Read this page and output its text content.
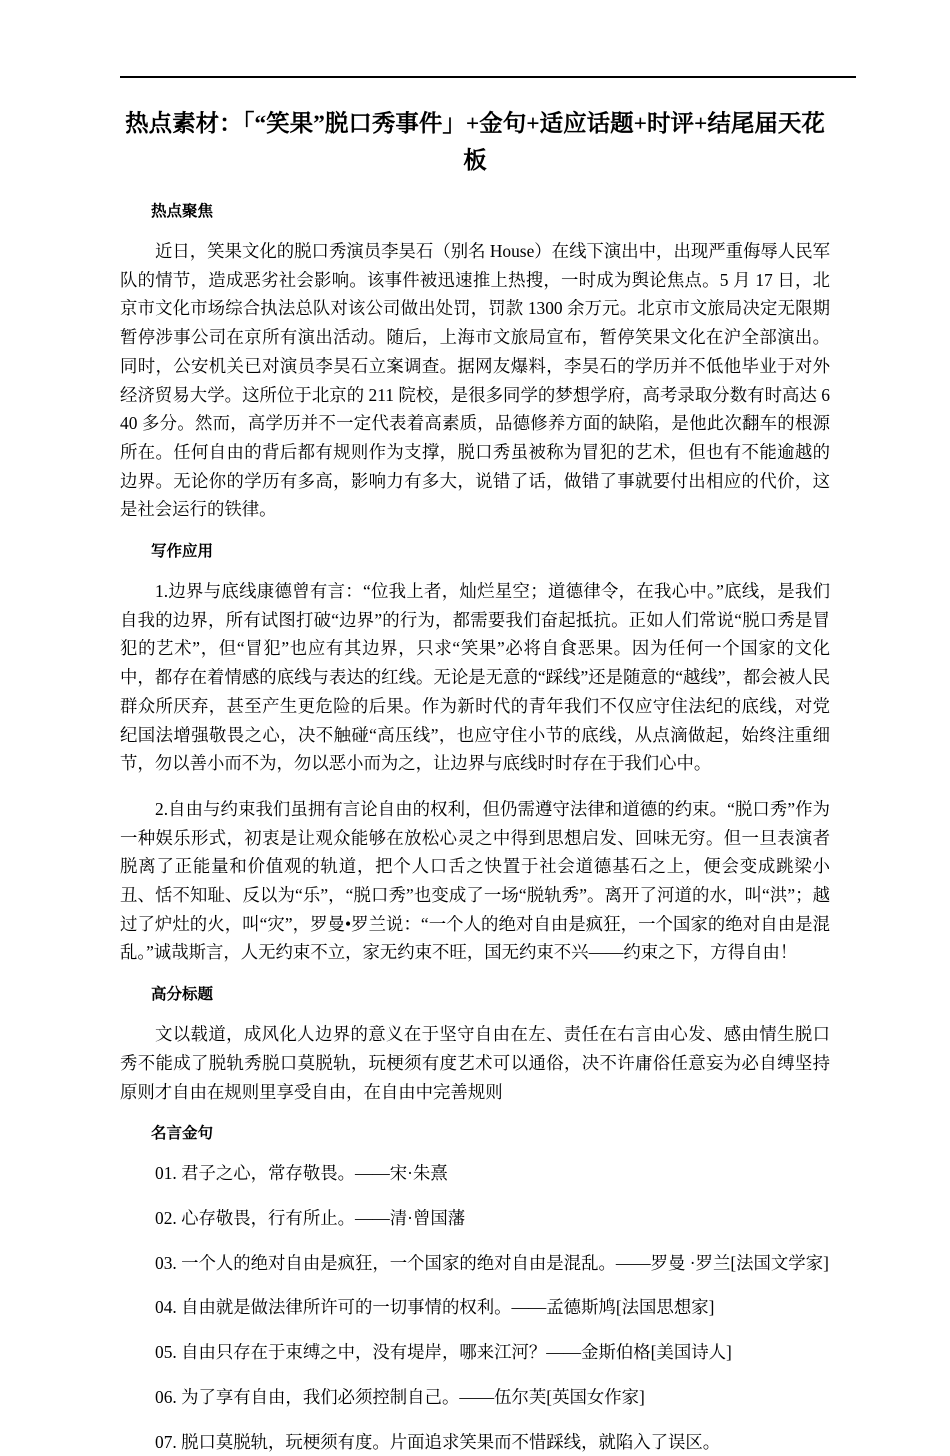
热点素材：「“笑果”脱口秀事件」+金句+适应话题+时评+结尾届天花板
热点聚焦

近日，笑果文化的脱口秀演员李昊石（别名 House）在线下演出中，出现严重侮辱人民军队的情节，造成恶劣社会影响。该事件被迅速推上热搜，一时成为舆论焦点。5 月 17 日，北京市文化市场综合执法总队对该公司做出处罚，罚款 1300 余万元。北京市文旅局决定无限期暂停涉事公司在京所有演出活动。随后，上海市文旅局宣布，暂停笑果文化在沪全部演出。同时，公安机关已对演员李昊石立案调查。据网友爆料，李昊石的学历并不低他毕业于对外经济贸易大学。这所位于北京的 211 院校，是很多同学的梦想学府，高考录取分数有时高达 640 多分。然而，高学历并不一定代表着高素质，品德修养方面的缺陷，是他此次翻车的根源所在。任何自由的背后都有规则作为支撑，脱口秀虽被称为冒犯的艺术，但也有不能逾越的边界。无论你的学历有多高，影响力有多大，说错了话，做错了事就要付出相应的代价，这是社会运行的铁律。

写作应用

1.边界与底线康德曾有言：“位我上者，灿烂星空；道德律令，在我心中。”底线，是我们自我的边界，所有试图打破“边界”的行为，都需要我们奋起抵抗。正如人们常说“脱口秀是冒犯的艺术”，但“冒犯”也应有其边界，只求“笑果”必将自食恶果。因为任何一个国家的文化中，都存在着情感的底线与表达的红线。无论是无意的“踩线”还是随意的“越线”，都会被人民群众所厌弃，甚至产生更危险的后果。作为新时代的青年我们不仅应守住法纪的底线，对党纪国法增强敬畏之心，决不触碰“高压线”，也应守住小节的底线，从点滴做起，始终注重细节，勿以善小而不为，勿以恶小而为之，让边界与底线时时存在于我们心中。

2.自由与约束我们虽拥有言论自由的权利，但仍需遵守法律和道德的约束。“脱口秀”作为一种娱乐形式，初衷是让观众能够在放松心灵之中得到思想启发、回味无穷。但一旦表演者脱离了正能量和价值观的轨道，把个人口舌之快置于社会道德基石之上，便会变成跳梁小丑、恬不知耻、反以为“乐”，“脱口秀”也变成了一场“脱轨秀”。离开了河道的水，叫“洪”；越过了炉灶的火，叫“灾”，罗曼•罗兰说：“一个人的绝对自由是疯狂，一个国家的绝对自由是混乱。”诚哉斯言，人无约束不立，家无约束不旺，国无约束不兴——约束之下，方得自由！

高分标题

文以载道，成风化人边界的意义在于坚守自由在左、责任在右言由心发、感由情生脱口秀不能成了脱轨秀脱口莫脱轨，玩梗须有度艺术可以通俗，决不许庸俗任意妄为必自缚坚持原则才自由在规则里享受自由，在自由中完善规则

名言金句

01. 君子之心，常存敬畏。——宋·朱熹

02. 心存敬畏，行有所止。——清·曾国藩

03. 一个人的绝对自由是疯狂，一个国家的绝对自由是混乱。——罗曼 ·罗兰[法国文学家]

04. 自由就是做法律所许可的一切事情的权利。——孟德斯鸠[法国思想家]

05. 自由只存在于束缚之中，没有堤岸，哪来江河？——金斯伯格[美国诗人]

06. 为了享有自由，我们必须控制自己。——伍尔芙[英国女作家]

07. 脱口莫脱轨，玩梗须有度。片面追求笑果而不惜踩线，就陷入了误区。
